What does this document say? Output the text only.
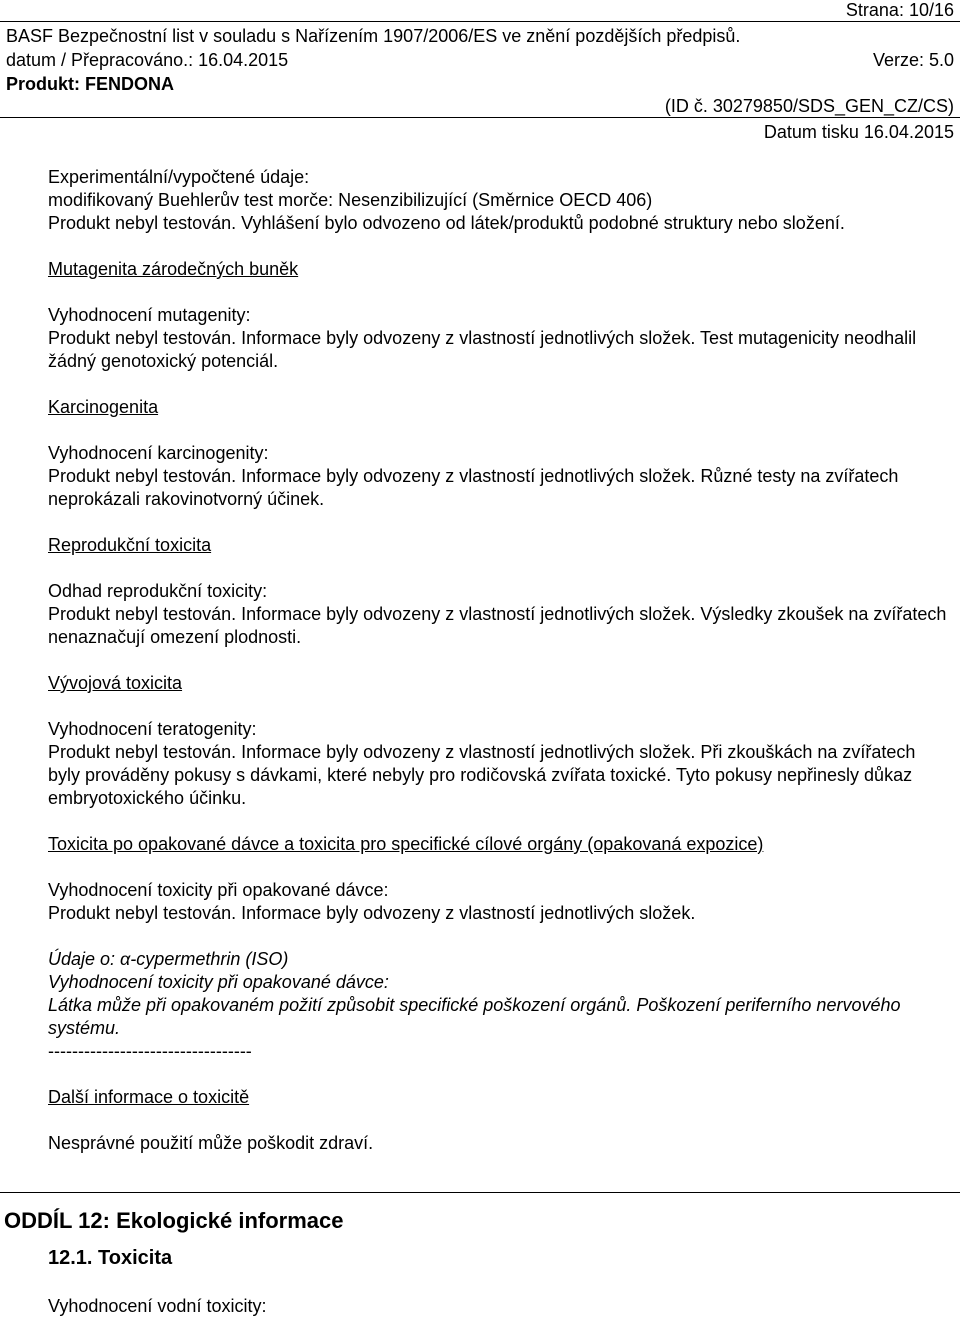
Strana: 10/16
BASF Bezpečnostní list v souladu s Nařízením 1907/2006/ES ve znění pozdějších předpisů.
datum / Přepracováno.: 16.04.2015	Verze: 5.0
Produkt: FENDONA
(ID č. 30279850/SDS_GEN_CZ/CS)
Datum tisku 16.04.2015

Experimentální/vypočtené údaje:

modifikovaný Buehlerův test morče: Nesenzibilizující (Směrnice OECD 406)

Produkt nebyl testován. Vyhlášení bylo odvozeno od látek/produktů podobné struktury nebo složení.

Mutagenita zárodečných buněk

Vyhodnocení mutagenity:

Produkt nebyl testován. Informace byly odvozeny z vlastností jednotlivých složek. Test mutagenicity neodhalil žádný genotoxický potenciál.

Karcinogenita

Vyhodnocení karcinogenity:

Produkt nebyl testován. Informace byly odvozeny z vlastností jednotlivých složek. Různé testy na zvířatech neprokázali rakovinotvorný účinek.

Reprodukční toxicita

Odhad reprodukční toxicity:

Produkt nebyl testován. Informace byly odvozeny z vlastností jednotlivých složek. Výsledky zkoušek na zvířatech nenaznačují omezení plodnosti.

Vývojová toxicita

Vyhodnocení teratogenity:

Produkt nebyl testován. Informace byly odvozeny z vlastností jednotlivých složek. Při zkouškách na zvířatech byly prováděny pokusy s dávkami, které nebyly pro rodičovská zvířata toxické. Tyto pokusy nepřinesly důkaz embryotoxického účinku.

Toxicita po opakované dávce a toxicita pro specifické cílové orgány (opakovaná expozice)

Vyhodnocení toxicity při opakované dávce:

Produkt nebyl testován. Informace byly odvozeny z vlastností jednotlivých složek.

Údaje o: α-cypermethrin (ISO)

Vyhodnocení toxicity při opakované dávce:

Látka může při opakovaném požití způsobit specifické poškození orgánů. Poškození periferního nervového systému.

----------------------------------

Další informace o toxicitě

Nesprávné použití může poškodit zdraví.

ODDÍL 12: Ekologické informace
12.1. Toxicita
Vyhodnocení vodní toxicity:
